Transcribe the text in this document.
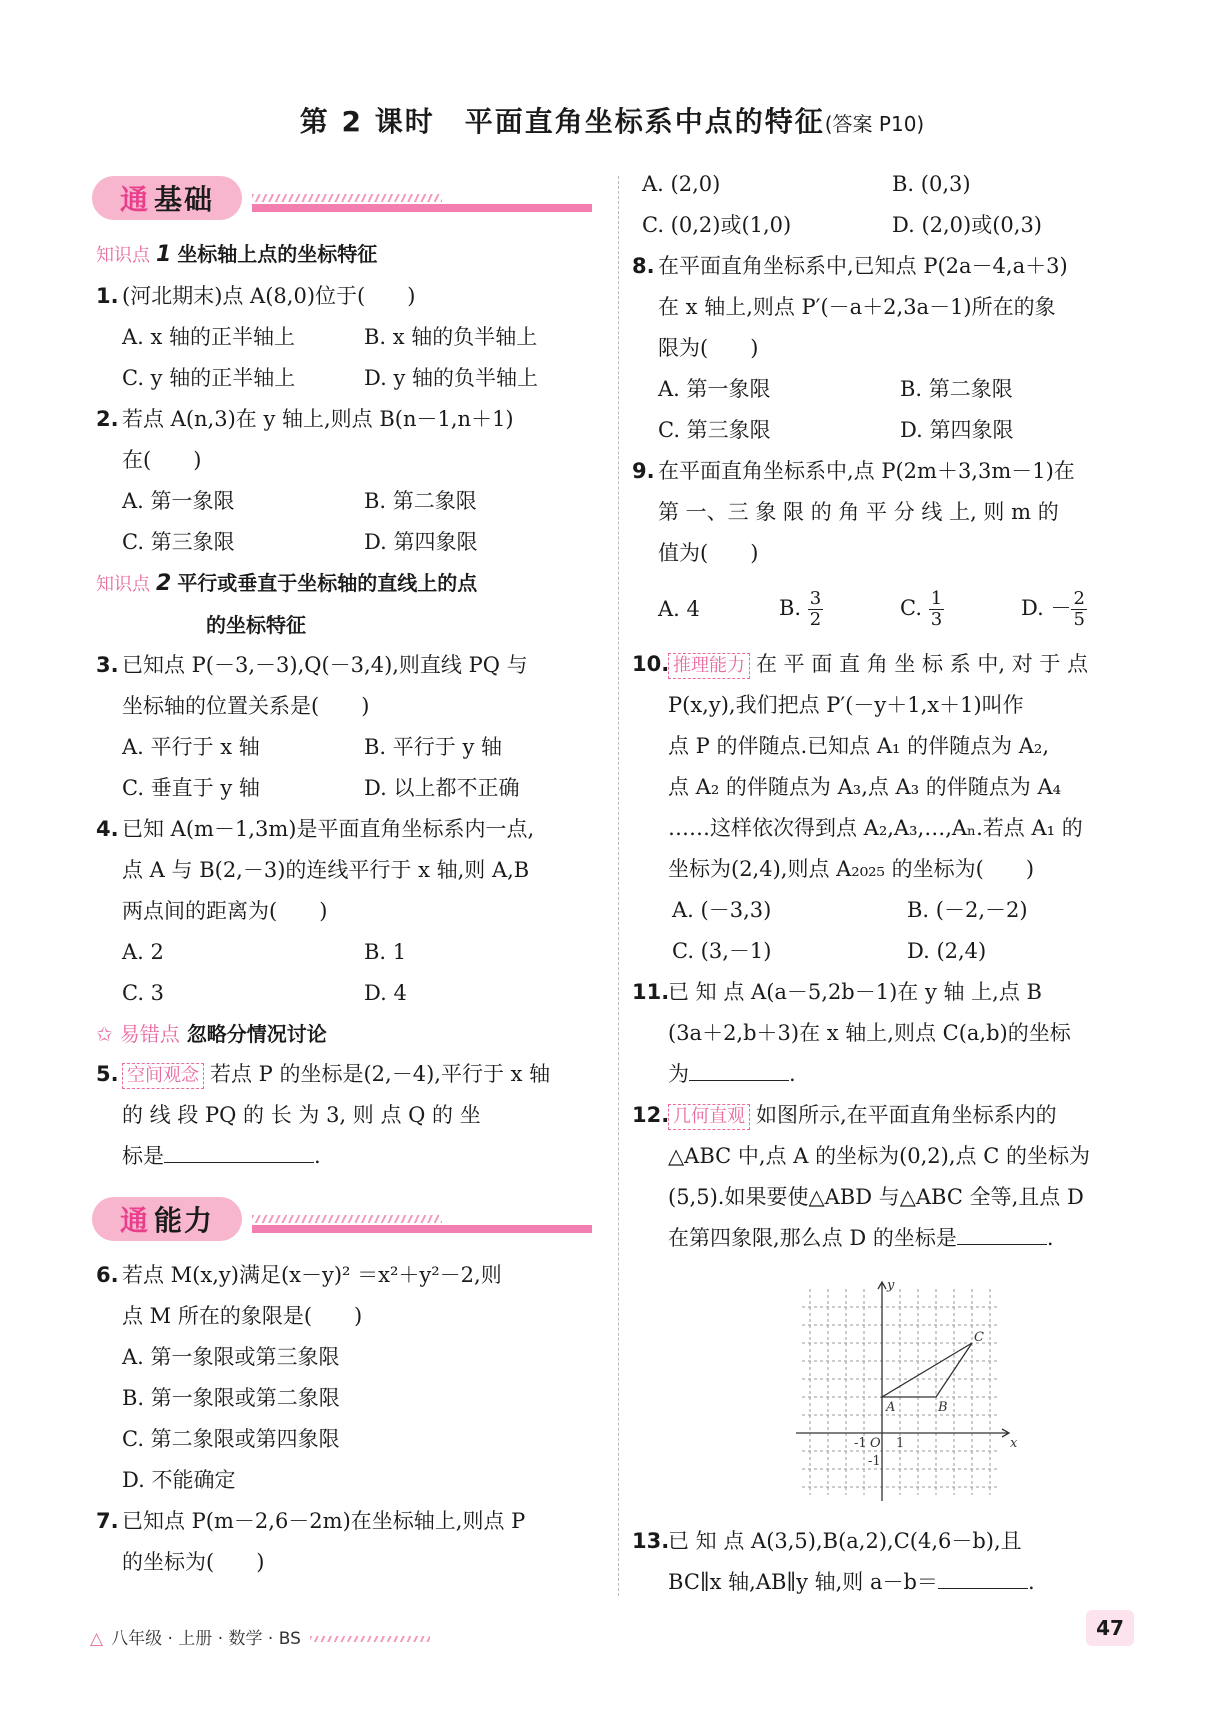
第 2 课时　平面直角坐标系中点的特征(答案 P10)
通 基础
知识点 1 坐标轴上点的坐标特征
1. (河北期末)点 A(8,0)位于(　　)
A. x 轴的正半轴上	B. x 轴的负半轴上
C. y 轴的正半轴上	D. y 轴的负半轴上
2. 若点 A(n,3)在 y 轴上,则点 B(n－1,n＋1)
在(　　)
A. 第一象限	B. 第二象限
C. 第三象限	D. 第四象限
知识点 2 平行或垂直于坐标轴的直线上的点
的坐标特征
3. 已知点 P(－3,－3),Q(－3,4),则直线 PQ 与
坐标轴的位置关系是(　　)
A. 平行于 x 轴	B. 平行于 y 轴
C. 垂直于 y 轴	D. 以上都不正确
4. 已知 A(m－1,3m)是平面直角坐标系内一点,
点 A 与 B(2,－3)的连线平行于 x 轴,则 A,B
两点间的距离为(　　)
A. 2	B. 1
C. 3	D. 4
✩ 易错点 忽略分情况讨论
5. 空间观念 若点 P 的坐标是(2,－4),平行于 x 轴
的 线 段 PQ 的 长 为 3, 则 点 Q 的 坐
标是	.
通 能力
6. 若点 M(x,y)满足(x－y)² ＝x²＋y²－2,则
点 M 所在的象限是(　　)
A. 第一象限或第三象限
B. 第一象限或第二象限
C. 第二象限或第四象限
D. 不能确定
7. 已知点 P(m－2,6－2m)在坐标轴上,则点 P
的坐标为(　　)
A. (2,0)	B. (0,3)
C. (0,2)或(1,0)	D. (2,0)或(0,3)
8. 在平面直角坐标系中,已知点 P(2a－4,a＋3)
在 x 轴上,则点 P′(－a＋2,3a－1)所在的象
限为(　　)
A. 第一象限	B. 第二象限
C. 第三象限	D. 第四象限
9. 在平面直角坐标系中,点 P(2m＋3,3m－1)在
第 一、三 象 限 的 角 平 分 线 上, 则 m 的
值为(　　)
A. 4	B. $\frac{3}{2}$	C. $\frac{1}{3}$	D. － $\frac{2}{5}$
10. 推理能力 在 平 面 直 角 坐 标 系 中, 对 于 点
P(x,y),我们把点 P′(－y＋1,x＋1)叫作
点 P 的伴随点.已知点 A₁ 的伴随点为 A₂,
点 A₂ 的伴随点为 A₃,点 A₃ 的伴随点为 A₄
……这样依次得到点 A₂,A₃,…,Aₙ.若点 A₁ 的
坐标为(2,4),则点 A₂₀₂₅ 的坐标为(　　)
A. (－3,3)	B. (－2,－2)
C. (3,－1)	D. (2,4)
11.
已 知 点 A(a－5,2b－1)在 y 轴 上,点 B
(3a＋2,b＋3)在 x 轴上,则点 C(a,b)的坐标
为	.
12. 几何直观 如图所示,在平面直角坐标系内的
△ABC 中,点 A 的坐标为(0,2),点 C 的坐标为
(5,5).如果要使△ABD 与△ABC 全等,且点 D
在第四象限,那么点 D 的坐标是	.
y
x
A	B
C
O
-1 1
-1
13.
已 知 点 A(3,5),B(a,2),C(4,6－b),且
BC∥x 轴,AB∥y 轴,则 a－b＝	.
△ 八年级 · 上册 · 数学 · BS	47
